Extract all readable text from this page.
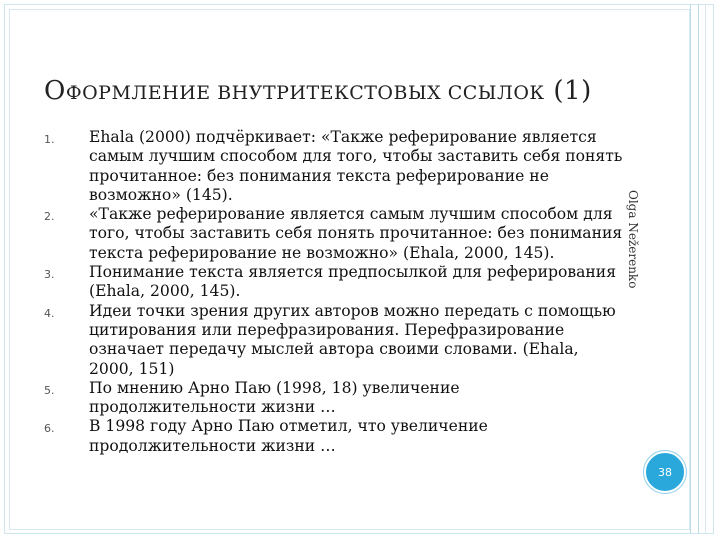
ОФОРМЛЕНИЕ ВНУТРИТЕКСТОВЫХ ССЫЛОК (1)
1. Ehala (2000) подчёркивает: «Также реферирование является самым лучшим способом для того, чтобы заставить себя понять прочитанное: без понимания текста реферирование не возможно» (145).
2. «Также реферирование является самым лучшим способом для того, чтобы заставить себя понять прочитанное: без понимания текста реферирование не возможно» (Ehala, 2000, 145).
3. Понимание текста является предпосылкой для реферирования (Ehala, 2000, 145).
4. Идеи точки зрения других авторов можно передать с помощью цитирования или перефразирования. Перефразирование означает передачу мыслей автора своими словами. (Ehala, 2000, 151)
5. По мнению Арно Паю (1998, 18) увеличение продолжительности жизни …
6. В 1998 году Арно Паю отметил, что увеличение продолжительности жизни …
Olga Nežerenko
38
